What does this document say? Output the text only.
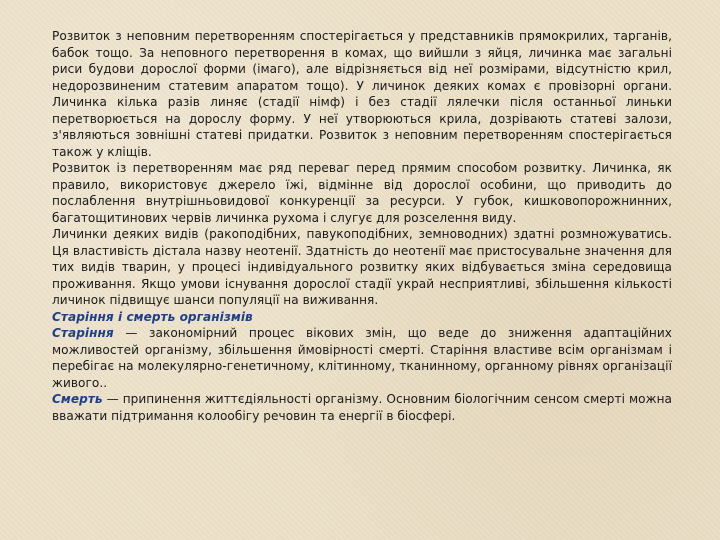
Розвиток з неповним перетворенням спостерігається у представників прямокрилих, тарганів, бабок тощо. За неповного перетворення в комах, що вийшли з яйця, личинка має загальні риси будови дорослої форми (імаго), але відрізняється від неї розмірами, відсутністю крил, недорозвиненим статевим апаратом тощо). У личинок деяких комах є провізорні органи. Личинка кілька разів линяє (стадії німф) і без стадії лялечки після останньої линьки перетворюється на дорослу форму. У неї утворюються крила, дозрівають статеві залози, з'являються зовнішні статеві придатки. Розвиток з неповним перетворенням спостерігається також у кліщів.

Розвиток із перетворенням має ряд переваг перед прямим способом розвитку. Личинка, як правило, використовує джерело їжі, відмінне від дорослої особини, що приводить до послаблення внутрішньовидової конкуренції за ресурси. У губок, кишковопорожнинних, багатощитинових червів личинка рухома і слугує для розселення виду.

Личинки деяких видів (ракоподібних, павукоподібних, земноводних) здатні розмножуватись. Ця властивість дістала назву неотенії. Здатність до неотенії має пристосувальне значення для тих видів тварин, у процесі індивідуального розвитку яких відбувається зміна середовища проживання. Якщо умови існування дорослої стадії украй несприятливі, збільшення кількості личинок підвищує шанси популяції на виживання.

Старіння і смерть організмів

Старіння — закономірний процес вікових змін, що веде до зниження адаптаційних можливостей організму, збільшення ймовірності смерті. Старіння властиве всім організмам і перебігає на молекулярно-генетичному, клітинному, тканинному, органному рівнях організації живого..

Смерть — припинення життєдіяльності організму. Основним біологічним сенсом смерті можна вважати підтримання колообігу речовин та енергії в біосфері.
